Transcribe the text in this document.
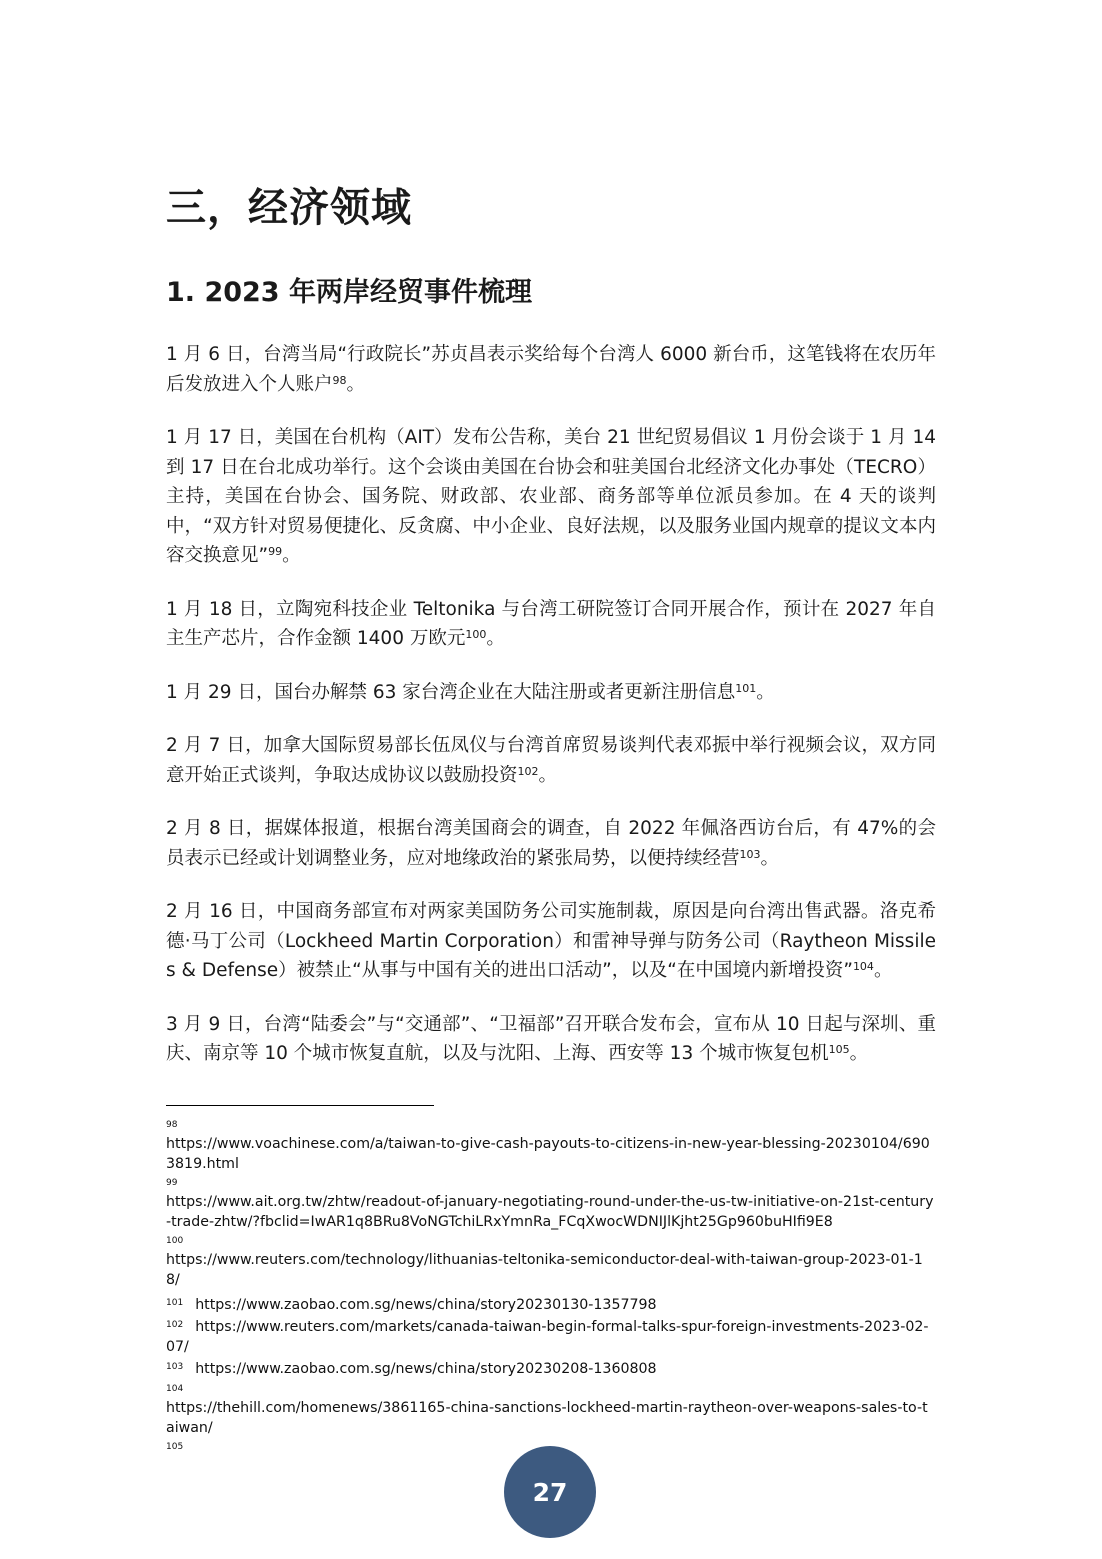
三，经济领域
1. 2023 年两岸经贸事件梳理

1 月 6 日，台湾当局“行政院长”苏贞昌表示奖给每个台湾人 6000 新台币，这笔钱将在农历年后发放进入个人账户$^{98}$。

1 月 17 日，美国在台机构（AIT）发布公告称，美台 21 世纪贸易倡议 1 月份会谈于 1 月 14 到 17 日在台北成功举行。这个会谈由美国在台协会和驻美国台北经济文化办事处（TECRO）主持，美国在台协会、国务院、财政部、农业部、商务部等单位派员参加。在 4 天的谈判中，“双方针对贸易便捷化、反贪腐、中小企业、良好法规，以及服务业国内规章的提议文本内容交换意见”$^{99}$。

1 月 18 日，立陶宛科技企业 Teltonika 与台湾工研院签订合同开展合作，预计在 2027 年自主生产芯片，合作金额 1400 万欧元$^{100}$。

1 月 29 日，国台办解禁 63 家台湾企业在大陆注册或者更新注册信息$^{101}$。

2 月 7 日，加拿大国际贸易部长伍凤仪与台湾首席贸易谈判代表邓振中举行视频会议，双方同意开始正式谈判，争取达成协议以鼓励投资$^{102}$。

2 月 8 日，据媒体报道，根据台湾美国商会的调查，自 2022 年佩洛西访台后，有 47%的会员表示已经或计划调整业务，应对地缘政治的紧张局势，以便持续经营$^{103}$。

2 月 16 日，中国商务部宣布对两家美国防务公司实施制裁，原因是向台湾出售武器。洛克希德·马丁公司（Lockheed Martin Corporation）和雷神导弹与防务公司（Raytheon Missiles & Defense）被禁止“从事与中国有关的进出口活动”，以及“在中国境内新增投资”$^{104}$。

3 月 9 日，台湾“陆委会”与“交通部”、“卫福部”召开联合发布会，宣布从 10 日起与深圳、重庆、南京等 10 个城市恢复直航，以及与沈阳、上海、西安等 13 个城市恢复包机$^{105}$。

98
https://www.voachinese.com/a/taiwan-to-give-cash-payouts-to-citizens-in-new-year-blessing-20230104/6903819.html
99
https://www.ait.org.tw/zhtw/readout-of-january-negotiating-round-under-the-us-tw-initiative-on-21st-century-trade-zhtw/?fbclid=IwAR1q8BRu8VoNGTchiLRxYmnRa_FCqXwocWDNIJlKjht25Gp960buHIfi9E8
100
https://www.reuters.com/technology/lithuanias-teltonika-semiconductor-deal-with-taiwan-group-2023-01-18/
$^{101}$ https://www.zaobao.com.sg/news/china/story20230130-1357798
$^{102}$ https://www.reuters.com/markets/canada-taiwan-begin-formal-talks-spur-foreign-investments-2023-02-07/
$^{103}$ https://www.zaobao.com.sg/news/china/story20230208-1360808
104
https://thehill.com/homenews/3861165-china-sanctions-lockheed-martin-raytheon-over-weapons-sales-to-taiwan/
105
27
